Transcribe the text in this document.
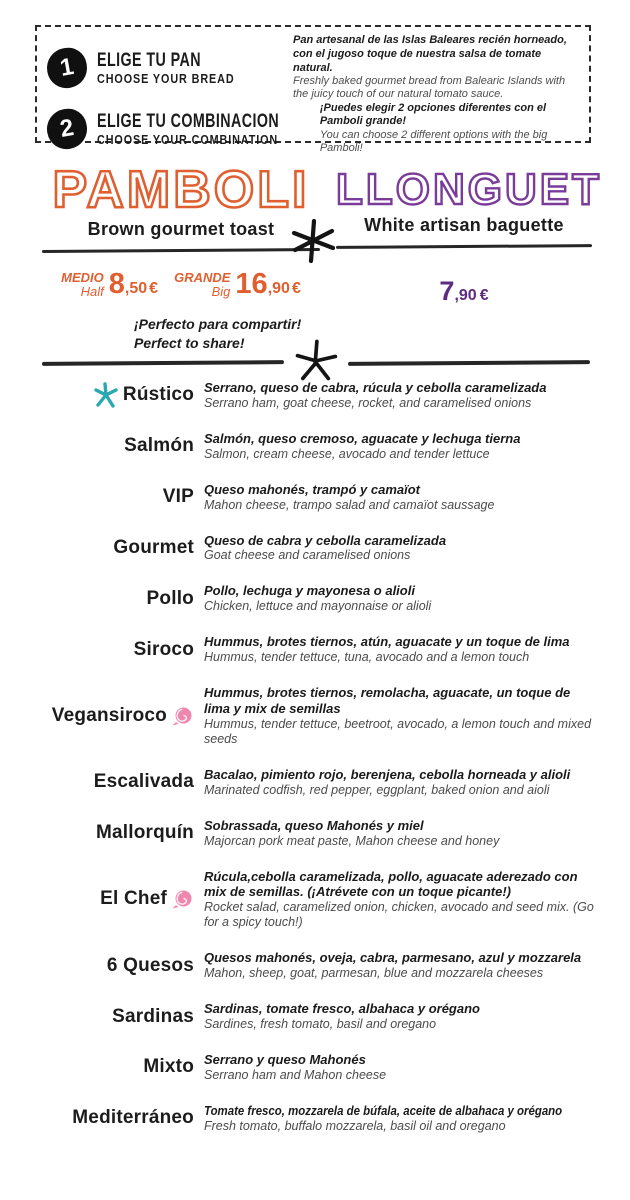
1	ELIGE TU PAN
CHOOSE YOUR BREAD
Pan artesanal de las Islas Baleares recién horneado, con el jugoso toque de nuestra salsa de tomate natural.
Freshly baked gourmet bread from Balearic Islands with the juicy touch of our natural tomato sauce.
2	ELIGE TU COMBINACION
CHOOSE YOUR COMBINATION
¡Puedes elegir 2 opciones diferentes con el Pamboli grande!
You can choose 2 different options with the big Pamboli!
PAMBOLI
Brown gourmet toast
MEDIO
Half 8,50 €
GRANDE
Big 16,90 €
¡Perfecto para compartir!
Perfect to share!
LLONGUET
White artisan baguette
7,90 €
Rústico Serrano, queso de cabra, rúcula y cebolla caramelizada
Serrano ham, goat cheese, rocket, and caramelised onions
Salmón Salmón, queso cremoso, aguacate y lechuga tierna
Salmon, cream cheese, avocado and tender lettuce
VIP Queso mahonés, trampó y camaïot
Mahon cheese, trampo salad and camaïot saussage
Gourmet Queso de cabra y cebolla caramelizada
Goat cheese and caramelised onions
Pollo Pollo, lechuga y mayonesa o alioli
Chicken, lettuce and mayonnaise or alioli
Siroco Hummus, brotes tiernos, atún, aguacate y un toque de lima
Hummus, tender tettuce, tuna, avocado and a lemon touch
Vegansiroco
Hummus, brotes tiernos, remolacha, aguacate, un toque de lima y mix de semillas
Hummus, tender tettuce, beetroot, avocado, a lemon touch and mixed seeds
Escalivada Bacalao, pimiento rojo, berenjena, cebolla horneada y alioli
Marinated codfish, red pepper, eggplant, baked onion and aioli
Mallorquín Sobrassada, queso Mahonés y miel
Majorcan pork meat paste, Mahon cheese and honey
El Chef
Rúcula,cebolla caramelizada, pollo, aguacate aderezado con mix de semillas. (¡Atrévete con un toque picante!)
Rocket salad, caramelized onion, chicken, avocado and seed mix. (Go for a spicy touch!)
6 Quesos Quesos mahonés, oveja, cabra, parmesano, azul y mozzarela
Mahon, sheep, goat, parmesan, blue and mozzarela cheeses
Sardinas Sardinas, tomate fresco, albahaca y orégano
Sardines, fresh tomato, basil and oregano
Mixto Serrano y queso Mahonés
Serrano ham and Mahon cheese
Mediterráneo Tomate fresco, mozzarela de búfala, aceite de albahaca y orégano
Fresh tomato, buffalo mozzarela, basil oil and oregano
